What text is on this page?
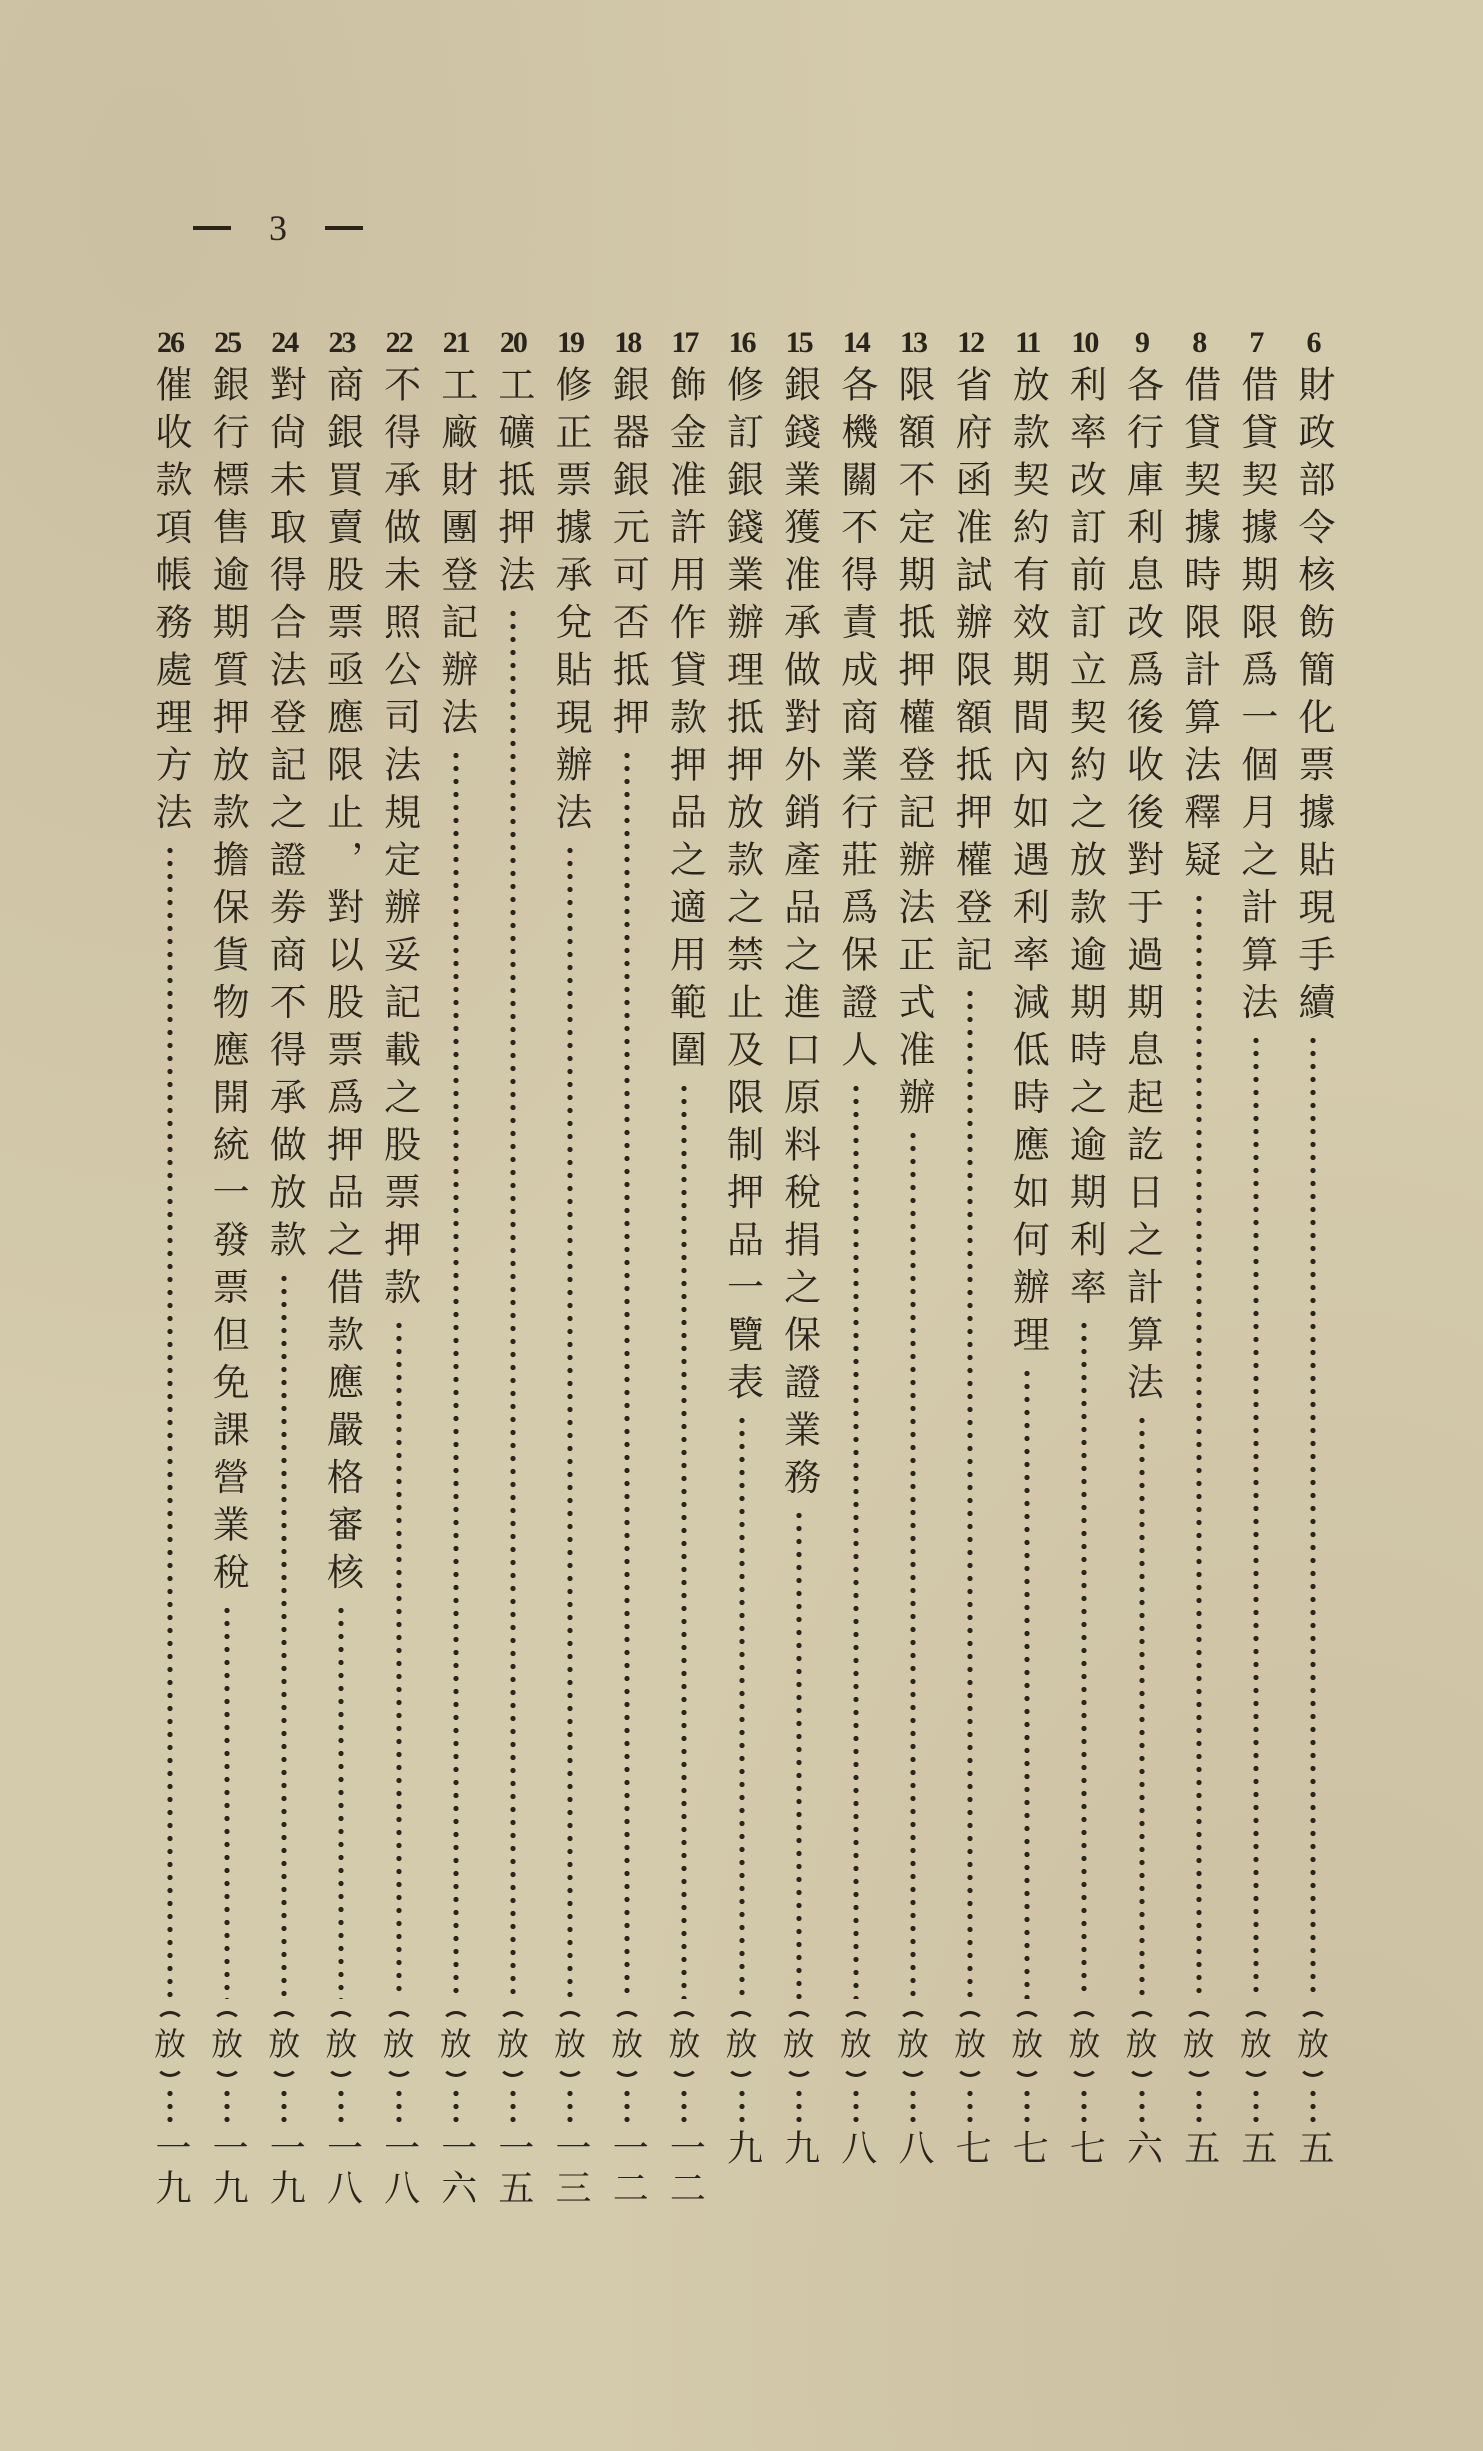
3
6
財政部令核飭簡化票據貼現手續
放
五
7
借貸契據期限爲一個月之計算法
放
五
8
借貸契據時限計算法釋疑
放
五
9
各行庫利息改爲後收後對于過期息起訖日之計算法
放
六
10
利率改訂前訂立契約之放款逾期時之逾期利率
放
七
11
放款契約有效期間內如遇利率減低時應如何辦理
放
七
12
省府函准試辦限額抵押權登記
放
七
13
限額不定期抵押權登記辦法正式准辦
放
八
14
各機關不得責成商業行莊爲保證人
放
八
15
銀錢業獲准承做對外銷產品之進口原料稅捐之保證業務
放
九
16
修訂銀錢業辦理抵押放款之禁止及限制押品一覽表
放
九
17
飾金准許用作貸款押品之適用範圍
放
一二
18
銀器銀元可否抵押
放
一二
19
修正票據承兌貼現辦法
放
一三
20
工礦抵押法
放
一五
21
工廠財團登記辦法
放
一六
22
不得承做未照公司法規定辦妥記載之股票押款
放
一八
23
商銀買賣股票亟應限止，對以股票爲押品之借款應嚴格審核
放
一八
24
對尙未取得合法登記之證劵商不得承做放款
放
一九
25
銀行標售逾期質押放款擔保貨物應開統一發票但免課營業稅
放
一九
26
催收款項帳務處理方法
放
一九
